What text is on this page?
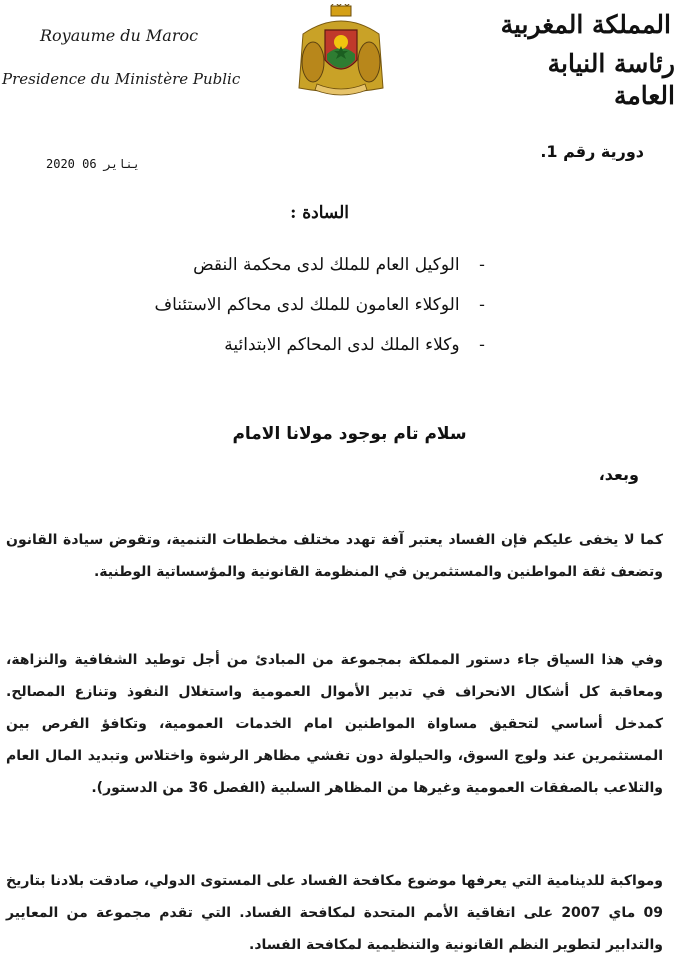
Royaume du Maroc
Presidence du Ministère Public
المملكة المغربية
رئاسة النيابة العامة
دورية رقم 1.
2020 06 يناير
السادة :
- الوكيل العام للملك لدى محكمة النقض
- الوكلاء العامون للملك لدى محاكم الاستئناف
- وكلاء الملك لدى المحاكم الابتدائية
سلام تام بوجود مولانا الامام
وبعد،

كما لا يخفى عليكم فإن الفساد يعتبر آفة تهدد مختلف مخططات التنمية، وتقوض سيادة القانون وتضعف ثقة المواطنين والمستثمرين في المنظومة القانونية والمؤسساتية الوطنية.

وفي هذا السياق جاء دستور المملكة بمجموعة من المبادئ من أجل توطيد الشفافية والنزاهة، ومعاقبة كل أشكال الانحراف في تدبير الأموال العمومية واستغلال النفوذ وتنازع المصالح. كمدخل أساسي لتحقيق مساواة المواطنين امام الخدمات العمومية، وتكافؤ الفرص بين المستثمرين عند ولوج السوق، والحيلولة دون تفشي مظاهر الرشوة واختلاس وتبديد المال العام والتلاعب بالصفقات العمومية وغيرها من المظاهر السلبية (الفصل 36 من الدستور).

ومواكبة للدينامية التي يعرفها موضوع مكافحة الفساد على المستوى الدولي، صادقت بلادنا بتاريخ 09 ماي 2007 على اتفاقية الأمم المتحدة لمكافحة الفساد. التي تقدم مجموعة من المعايير والتدابير لتطوير النظم القانونية والتنظيمية لمكافحة الفساد.
